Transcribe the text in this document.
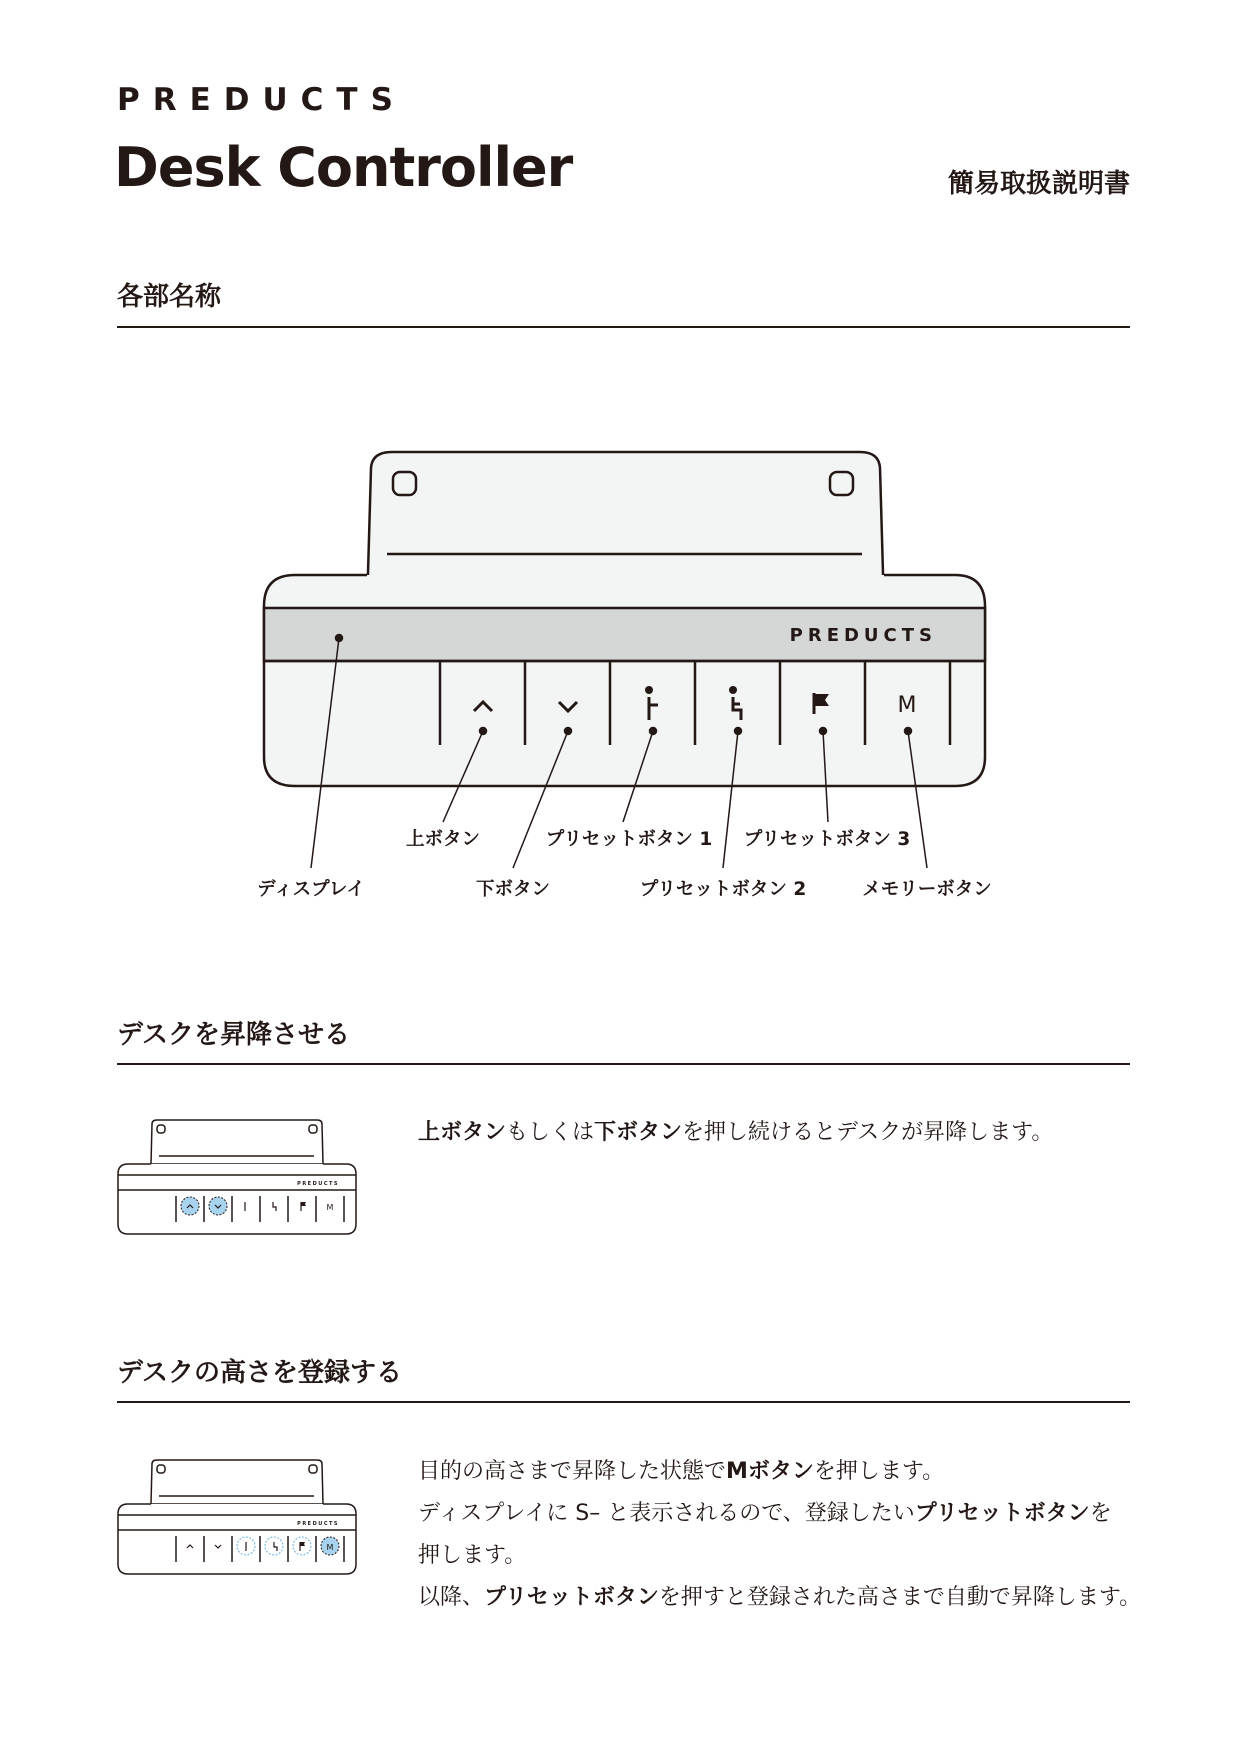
PREDUCTS
Desk Controller	簡易取扱説明書
各部名称
PREDUCTS
M
上ボタン	プリセットボタン 1 プリセットボタン 3
ディスプレイ	下ボタン	プリセットボタン 2	メモリーボタン
デスクを昇降させる
M
PREDUCTS
上ボタンもしくは下ボタンを押し続けるとデスクが昇降します。
デスクの高さを登録する
M
PREDUCTS
目的の高さまで昇降した状態でMボタンを押します。
ディスプレイに S– と表示されるので、登録したいプリセットボタンを
押します。
以降、プリセットボタンを押すと登録された高さまで自動で昇降します。
